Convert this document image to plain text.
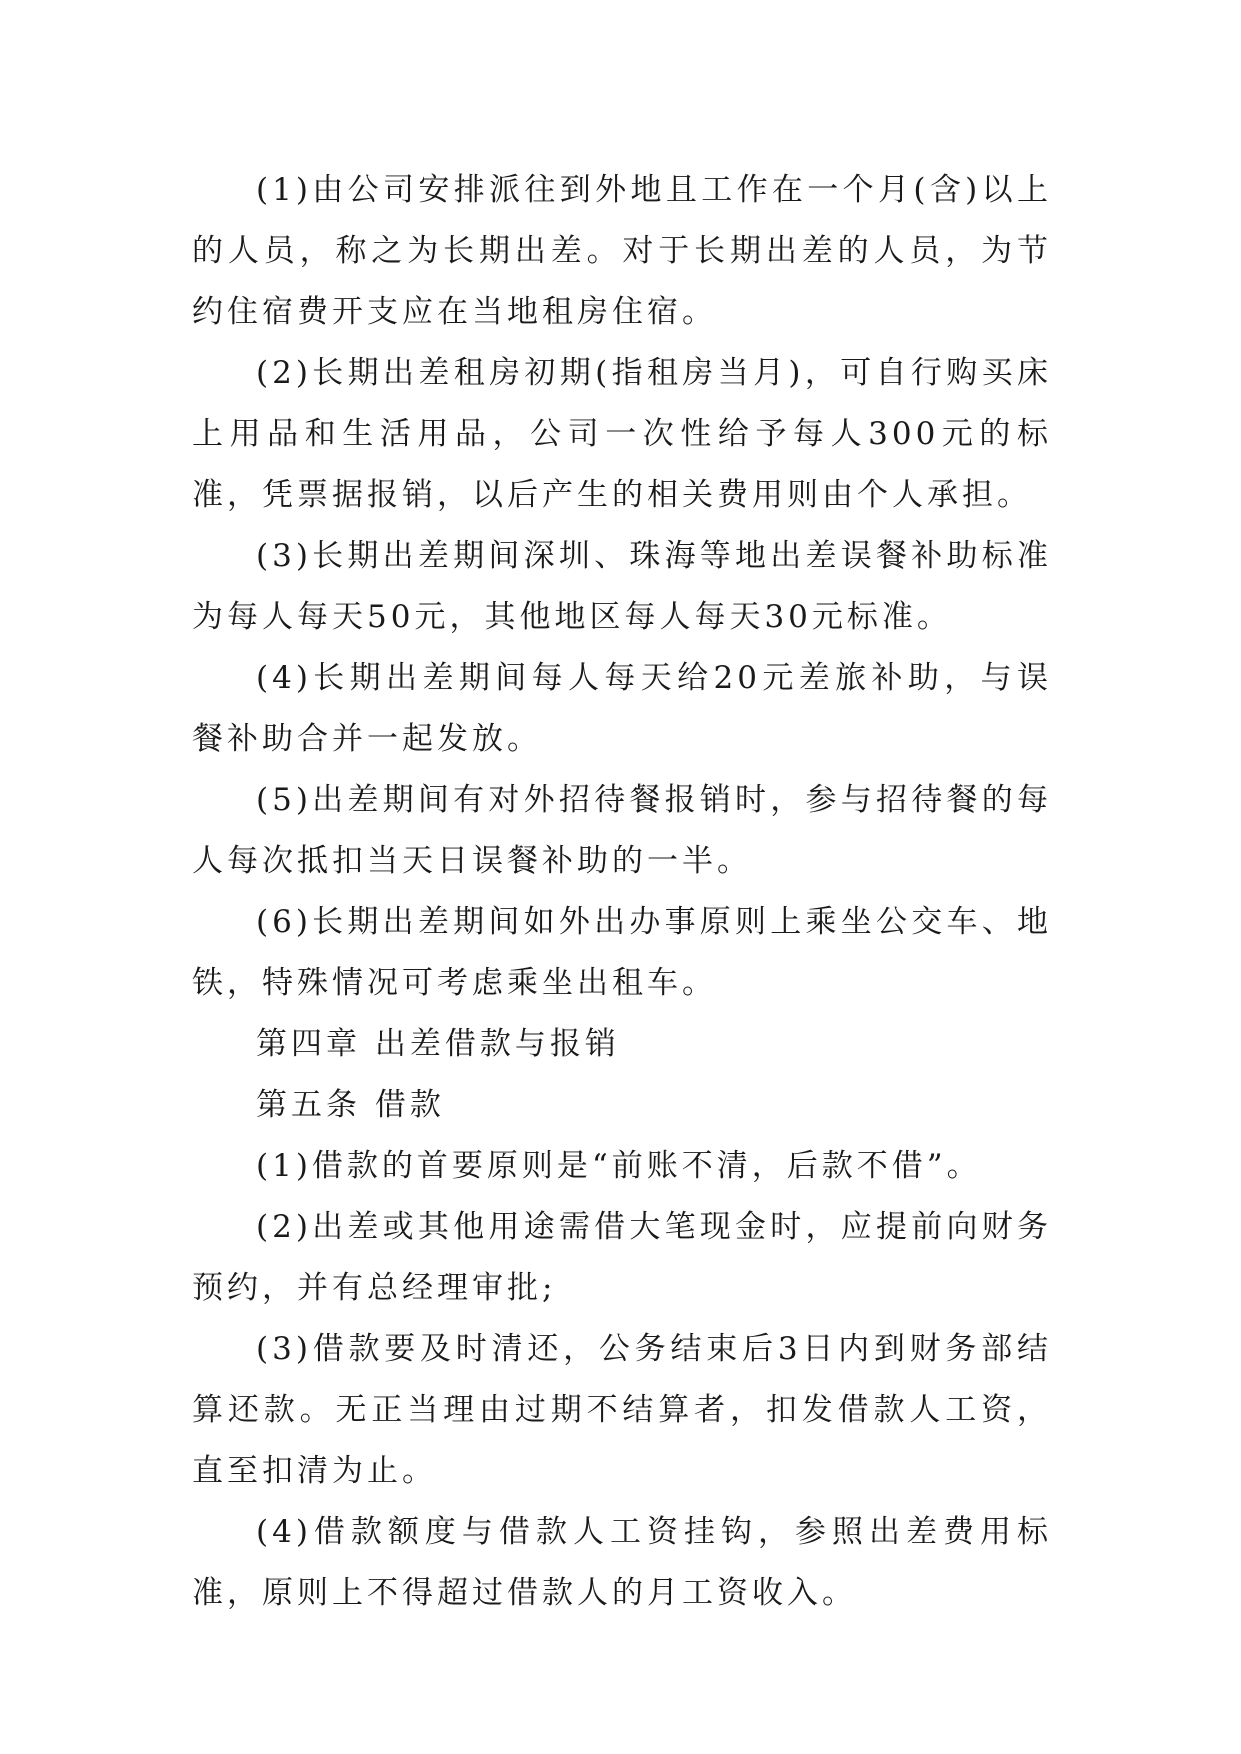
(1)由公司安排派往到外地且工作在一个月(含)以上的人员，称之为长期出差。对于长期出差的人员，为节约住宿费开支应在当地租房住宿。

(2)长期出差租房初期(指租房当月)，可自行购买床上用品和生活用品，公司一次性给予每人300元的标准，凭票据报销，以后产生的相关费用则由个人承担。

(3)长期出差期间深圳、珠海等地出差误餐补助标准为每人每天50元，其他地区每人每天30元标准。

(4)长期出差期间每人每天给20元差旅补助，与误餐补助合并一起发放。

(5)出差期间有对外招待餐报销时，参与招待餐的每人每次抵扣当天日误餐补助的一半。

(6)长期出差期间如外出办事原则上乘坐公交车、地铁，特殊情况可考虑乘坐出租车。

第四章 出差借款与报销

第五条 借款

(1)借款的首要原则是“前账不清，后款不借”。

(2)出差或其他用途需借大笔现金时，应提前向财务预约，并有总经理审批;

(3)借款要及时清还，公务结束后3日内到财务部结算还款。无正当理由过期不结算者，扣发借款人工资，直至扣清为止。

(4)借款额度与借款人工资挂钩，参照出差费用标准，原则上不得超过借款人的月工资收入。
